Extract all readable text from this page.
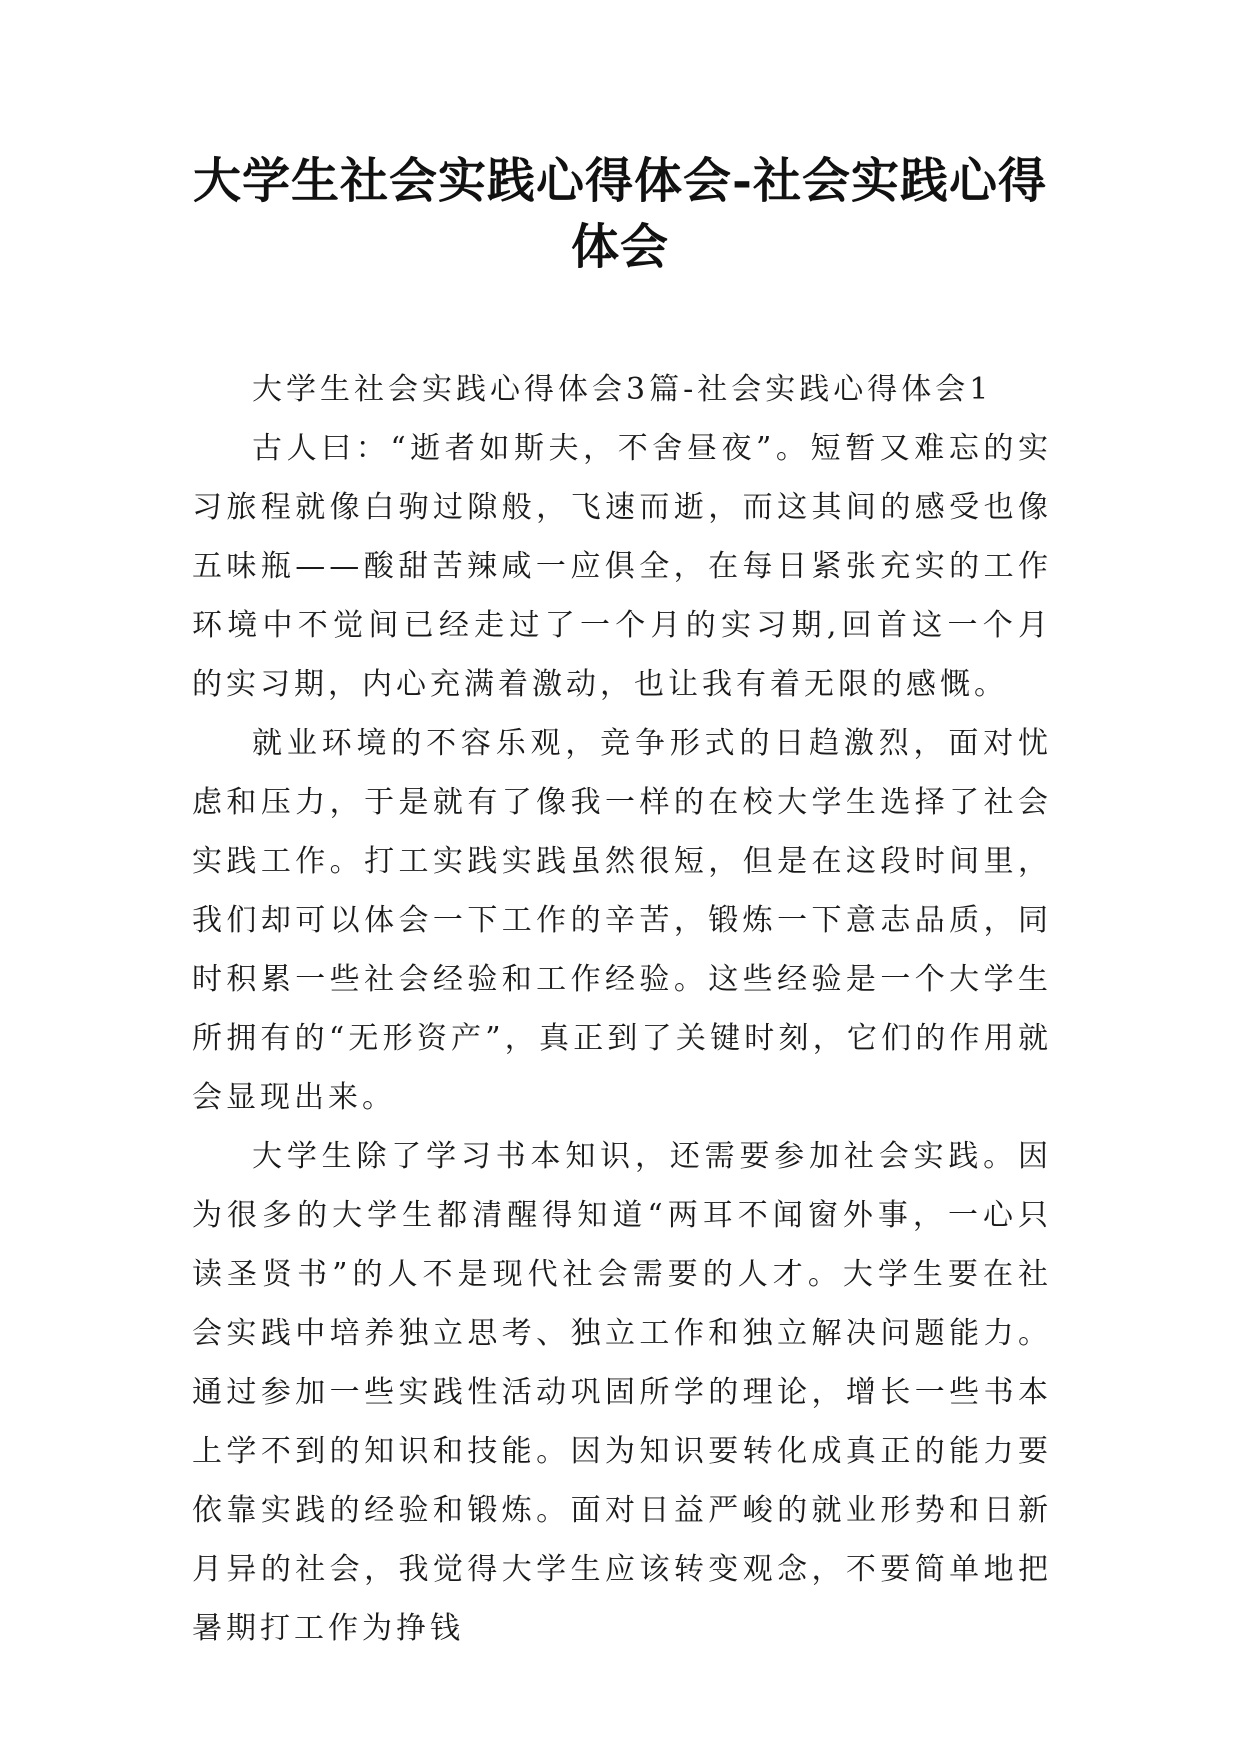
大学生社会实践心得体会-社会实践心得体会

大学生社会实践心得体会3篇-社会实践心得体会1

古人曰：“逝者如斯夫，不舍昼夜”。短暂又难忘的实习旅程就像白驹过隙般，飞速而逝，而这其间的感受也像五味瓶——酸甜苦辣咸一应俱全，在每日紧张充实的工作环境中不觉间已经走过了一个月的实习期,回首这一个月的实习期，内心充满着激动，也让我有着无限的感慨。

就业环境的不容乐观，竞争形式的日趋激烈，面对忧虑和压力，于是就有了像我一样的在校大学生选择了社会实践工作。打工实践实践虽然很短，但是在这段时间里，我们却可以体会一下工作的辛苦，锻炼一下意志品质，同时积累一些社会经验和工作经验。这些经验是一个大学生所拥有的“无形资产”，真正到了关键时刻，它们的作用就会显现出来。

大学生除了学习书本知识，还需要参加社会实践。因为很多的大学生都清醒得知道“两耳不闻窗外事，一心只读圣贤书”的人不是现代社会需要的人才。大学生要在社会实践中培养独立思考、独立工作和独立解决问题能力。通过参加一些实践性活动巩固所学的理论，增长一些书本上学不到的知识和技能。因为知识要转化成真正的能力要依靠实践的经验和锻炼。面对日益严峻的就业形势和日新月异的社会，我觉得大学生应该转变观念，不要简单地把暑期打工作为挣钱
